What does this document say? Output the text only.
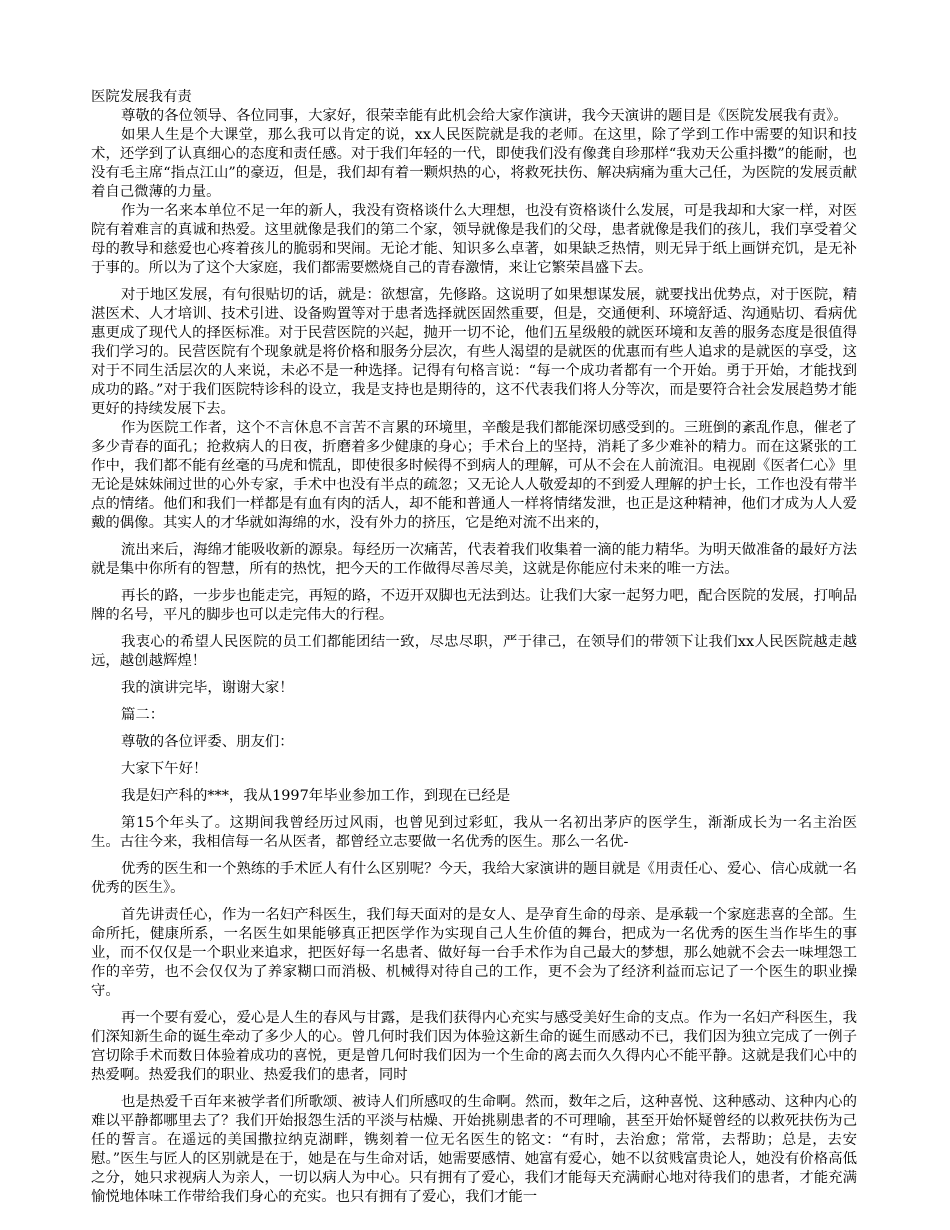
医院发展我有责

尊敬的各位领导、各位同事，大家好，很荣幸能有此机会给大家作演讲，我今天演讲的题目是《医院发展我有责》。

如果人生是个大课堂，那么我可以肯定的说，xx人民医院就是我的老师。在这里，除了学到工作中需要的知识和技术，还学到了认真细心的态度和责任感。对于我们年轻的一代，即使我们没有像龚自珍那样“我劝天公重抖擞”的能耐，也没有毛主席“指点江山”的豪迈，但是，我们却有着一颗炽热的心，将救死扶伤、解决病痛为重大己任，为医院的发展贡献着自己微薄的力量。

作为一名来本单位不足一年的新人，我没有资格谈什么大理想，也没有资格谈什么发展，可是我却和大家一样，对医院有着难言的真诚和热爱。这里就像是我们的第二个家，领导就像是我们的父母，患者就像是我们的孩儿，我们享受着父母的教导和慈爱也心疼着孩儿的脆弱和哭闹。无论才能、知识多么卓著，如果缺乏热情，则无异于纸上画饼充饥，是无补于事的。所以为了这个大家庭，我们都需要燃烧自己的青春激情，来让它繁荣昌盛下去。

对于地区发展，有句很贴切的话，就是：欲想富，先修路。这说明了如果想谋发展，就要找出优势点，对于医院，精湛医术、人才培训、技术引进、设备购置等对于患者选择就医固然重要，但是，交通便利、环境舒适、沟通贴切、看病优惠更成了现代人的择医标准。对于民营医院的兴起，抛开一切不论，他们五星级般的就医环境和友善的服务态度是很值得我们学习的。民营医院有个现象就是将价格和服务分层次，有些人渴望的是就医的优惠而有些人追求的是就医的享受，这对于不同生活层次的人来说，未必不是一种选择。记得有句格言说：“每一个成功者都有一个开始。勇于开始，才能找到成功的路。”对于我们医院特诊科的设立，我是支持也是期待的，这不代表我们将人分等次，而是要符合社会发展趋势才能更好的持续发展下去。

作为医院工作者，这个不言休息不言苦不言累的环境里，辛酸是我们都能深切感受到的。三班倒的紊乱作息，催老了多少青春的面孔；抢救病人的日夜，折磨着多少健康的身心；手术台上的坚持，消耗了多少难补的精力。而在这紧张的工作中，我们都不能有丝毫的马虎和慌乱，即使很多时候得不到病人的理解，可从不会在人前流泪。电视剧《医者仁心》里无论是妹妹闹过世的心外专家，手术中也没有半点的疏忽；又无论人人敬爱却的不到爱人理解的护士长，工作也没有带半点的情绪。他们和我们一样都是有血有肉的活人，却不能和普通人一样将情绪发泄，也正是这种精神，他们才成为人人爱戴的偶像。其实人的才华就如海绵的水，没有外力的挤压，它是绝对流不出来的，

流出来后，海绵才能吸收新的源泉。每经历一次痛苦，代表着我们收集着一滴的能力精华。为明天做准备的最好方法就是集中你所有的智慧，所有的热忱，把今天的工作做得尽善尽美，这就是你能应付未来的唯一方法。

再长的路，一步步也能走完，再短的路，不迈开双脚也无法到达。让我们大家一起努力吧，配合医院的发展，打响品牌的名号，平凡的脚步也可以走完伟大的行程。

我衷心的希望人民医院的员工们都能团结一致，尽忠尽职，严于律己，在领导们的带领下让我们xx人民医院越走越远，越创越辉煌！

我的演讲完毕，谢谢大家！

篇二：

尊敬的各位评委、朋友们：

大家下午好！

我是妇产科的***，我从1997年毕业参加工作，到现在已经是

第15个年头了。这期间我曾经历过风雨，也曾见到过彩虹，我从一名初出茅庐的医学生，渐渐成长为一名主治医生。古往今来，我相信每一名从医者，都曾经立志要做一名优秀的医生。那么一名优-

优秀的医生和一个熟练的手术匠人有什么区别呢？今天，我给大家演讲的题目就是《用责任心、爱心、信心成就一名优秀的医生》。

首先讲责任心，作为一名妇产科医生，我们每天面对的是女人、是孕育生命的母亲、是承载一个家庭悲喜的全部。生命所托，健康所系，一名医生如果能够真正把医学作为实现自己人生价值的舞台，把成为一名优秀的医生当作毕生的事业，而不仅仅是一个职业来追求，把医好每一名患者、做好每一台手术作为自己最大的梦想，那么她就不会去一味埋怨工作的辛劳，也不会仅仅为了养家糊口而消极、机械得对待自己的工作，更不会为了经济利益而忘记了一个医生的职业操守。

再一个要有爱心，爱心是人生的春风与甘露，是我们获得内心充实与感受美好生命的支点。作为一名妇产科医生，我们深知新生命的诞生牵动了多少人的心。曾几何时我们因为体验这新生命的诞生而感动不已，我们因为独立完成了一例子宫切除手术而数日体验着成功的喜悦，更是曾几何时我们因为一个生命的离去而久久得内心不能平静。这就是我们心中的热爱啊。热爱我们的职业、热爱我们的患者，同时

也是热爱千百年来被学者们所歌颂、被诗人们所感叹的生命啊。然而，数年之后，这种喜悦、这种感动、这种内心的难以平静都哪里去了？我们开始报怨生活的平淡与枯燥、开始挑剔患者的不可理喻，甚至开始怀疑曾经的以救死扶伤为己任的誓言。在遥远的美国撒拉纳克湖畔，镌刻着一位无名医生的铭文：“有时，去治愈；常常，去帮助；总是，去安慰。”医生与匠人的区别就是在于，她是在与生命对话，她需要感情、她富有爱心，她不以贫贱富贵论人，她没有价格高低之分，她只求视病人为亲人，一切以病人为中心。只有拥有了爱心，我们才能每天充满耐心地对待我们的患者，才能充满愉悦地体味工作带给我们身心的充实。也只有拥有了爱心，我们才能一
